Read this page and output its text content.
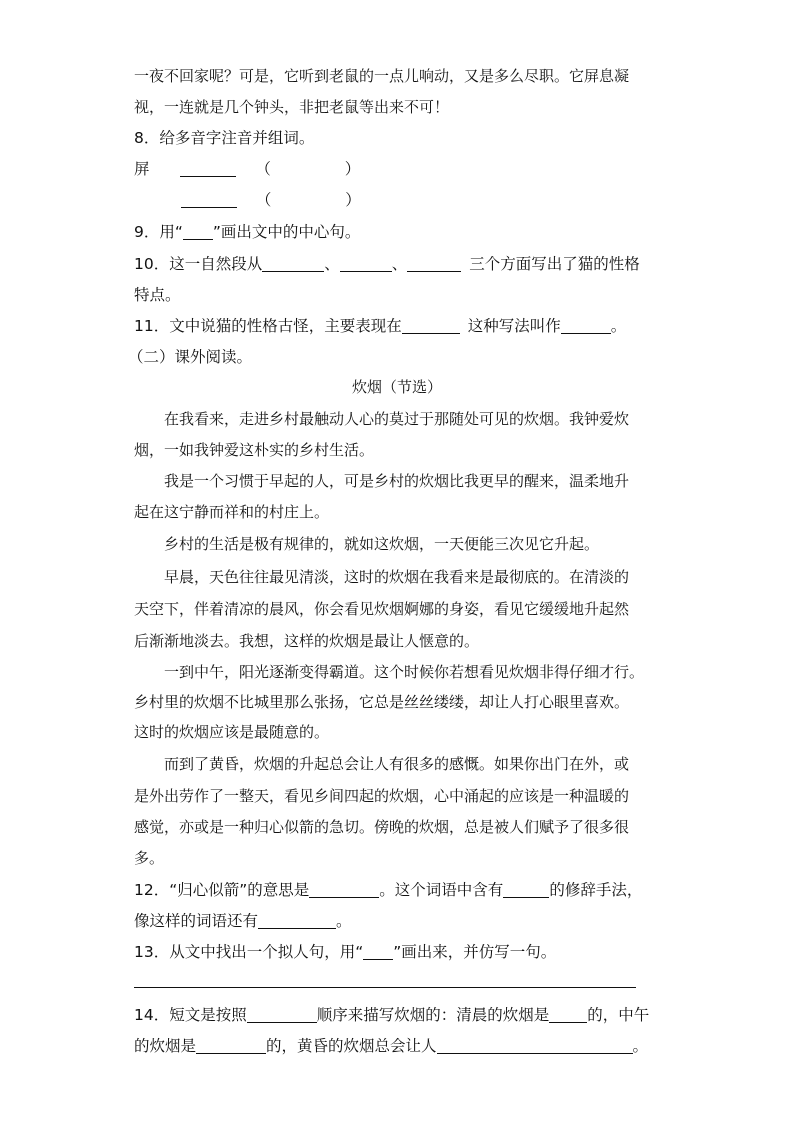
一夜不回家呢？可是，它听到老鼠的一点儿响动，又是多么尽职。它屏息凝
视，一连就是几个钟头，非把老鼠等出来不可！
8．给多音字注音并组词。
屏	（	）
（	）
9．用“ ”画出文中的中心句。
10．这一自然段从	、	、	三个方面写出了猫的性格
特点。
11．文中说猫的性格古怪，主要表现在	这种写法叫作	。
（二）课外阅读。
炊烟（节选）
在我看来，走进乡村最触动人心的莫过于那随处可见的炊烟。我钟爱炊
烟，一如我钟爱这朴实的乡村生活。
我是一个习惯于早起的人，可是乡村的炊烟比我更早的醒来，温柔地升
起在这宁静而祥和的村庄上。
乡村的生活是极有规律的，就如这炊烟，一天便能三次见它升起。
早晨，天色往往最见清淡，这时的炊烟在我看来是最彻底的。在清淡的
天空下，伴着清凉的晨风，你会看见炊烟婀娜的身姿，看见它缓缓地升起然
后渐渐地淡去。我想，这样的炊烟是最让人惬意的。
一到中午，阳光逐渐变得霸道。这个时候你若想看见炊烟非得仔细才行。
乡村里的炊烟不比城里那么张扬，它总是丝丝缕缕，却让人打心眼里喜欢。
这时的炊烟应该是最随意的。
而到了黄昏，炊烟的升起总会让人有很多的感慨。如果你出门在外，或
是外出劳作了一整天，看见乡间四起的炊烟，心中涌起的应该是一种温暖的
感觉，亦或是一种归心似箭的急切。傍晚的炊烟，总是被人们赋予了很多很
多。
12．“归心似箭”的意思是	。这个词语中含有	的修辞手法，
像这样的词语还有	。
13．从文中找出一个拟人句，用“ ”画出来，并仿写一句。
14．短文是按照	顺序来描写炊烟的：清晨的炊烟是 的，中午
的炊烟是	的，黄昏的炊烟总会让人	。
